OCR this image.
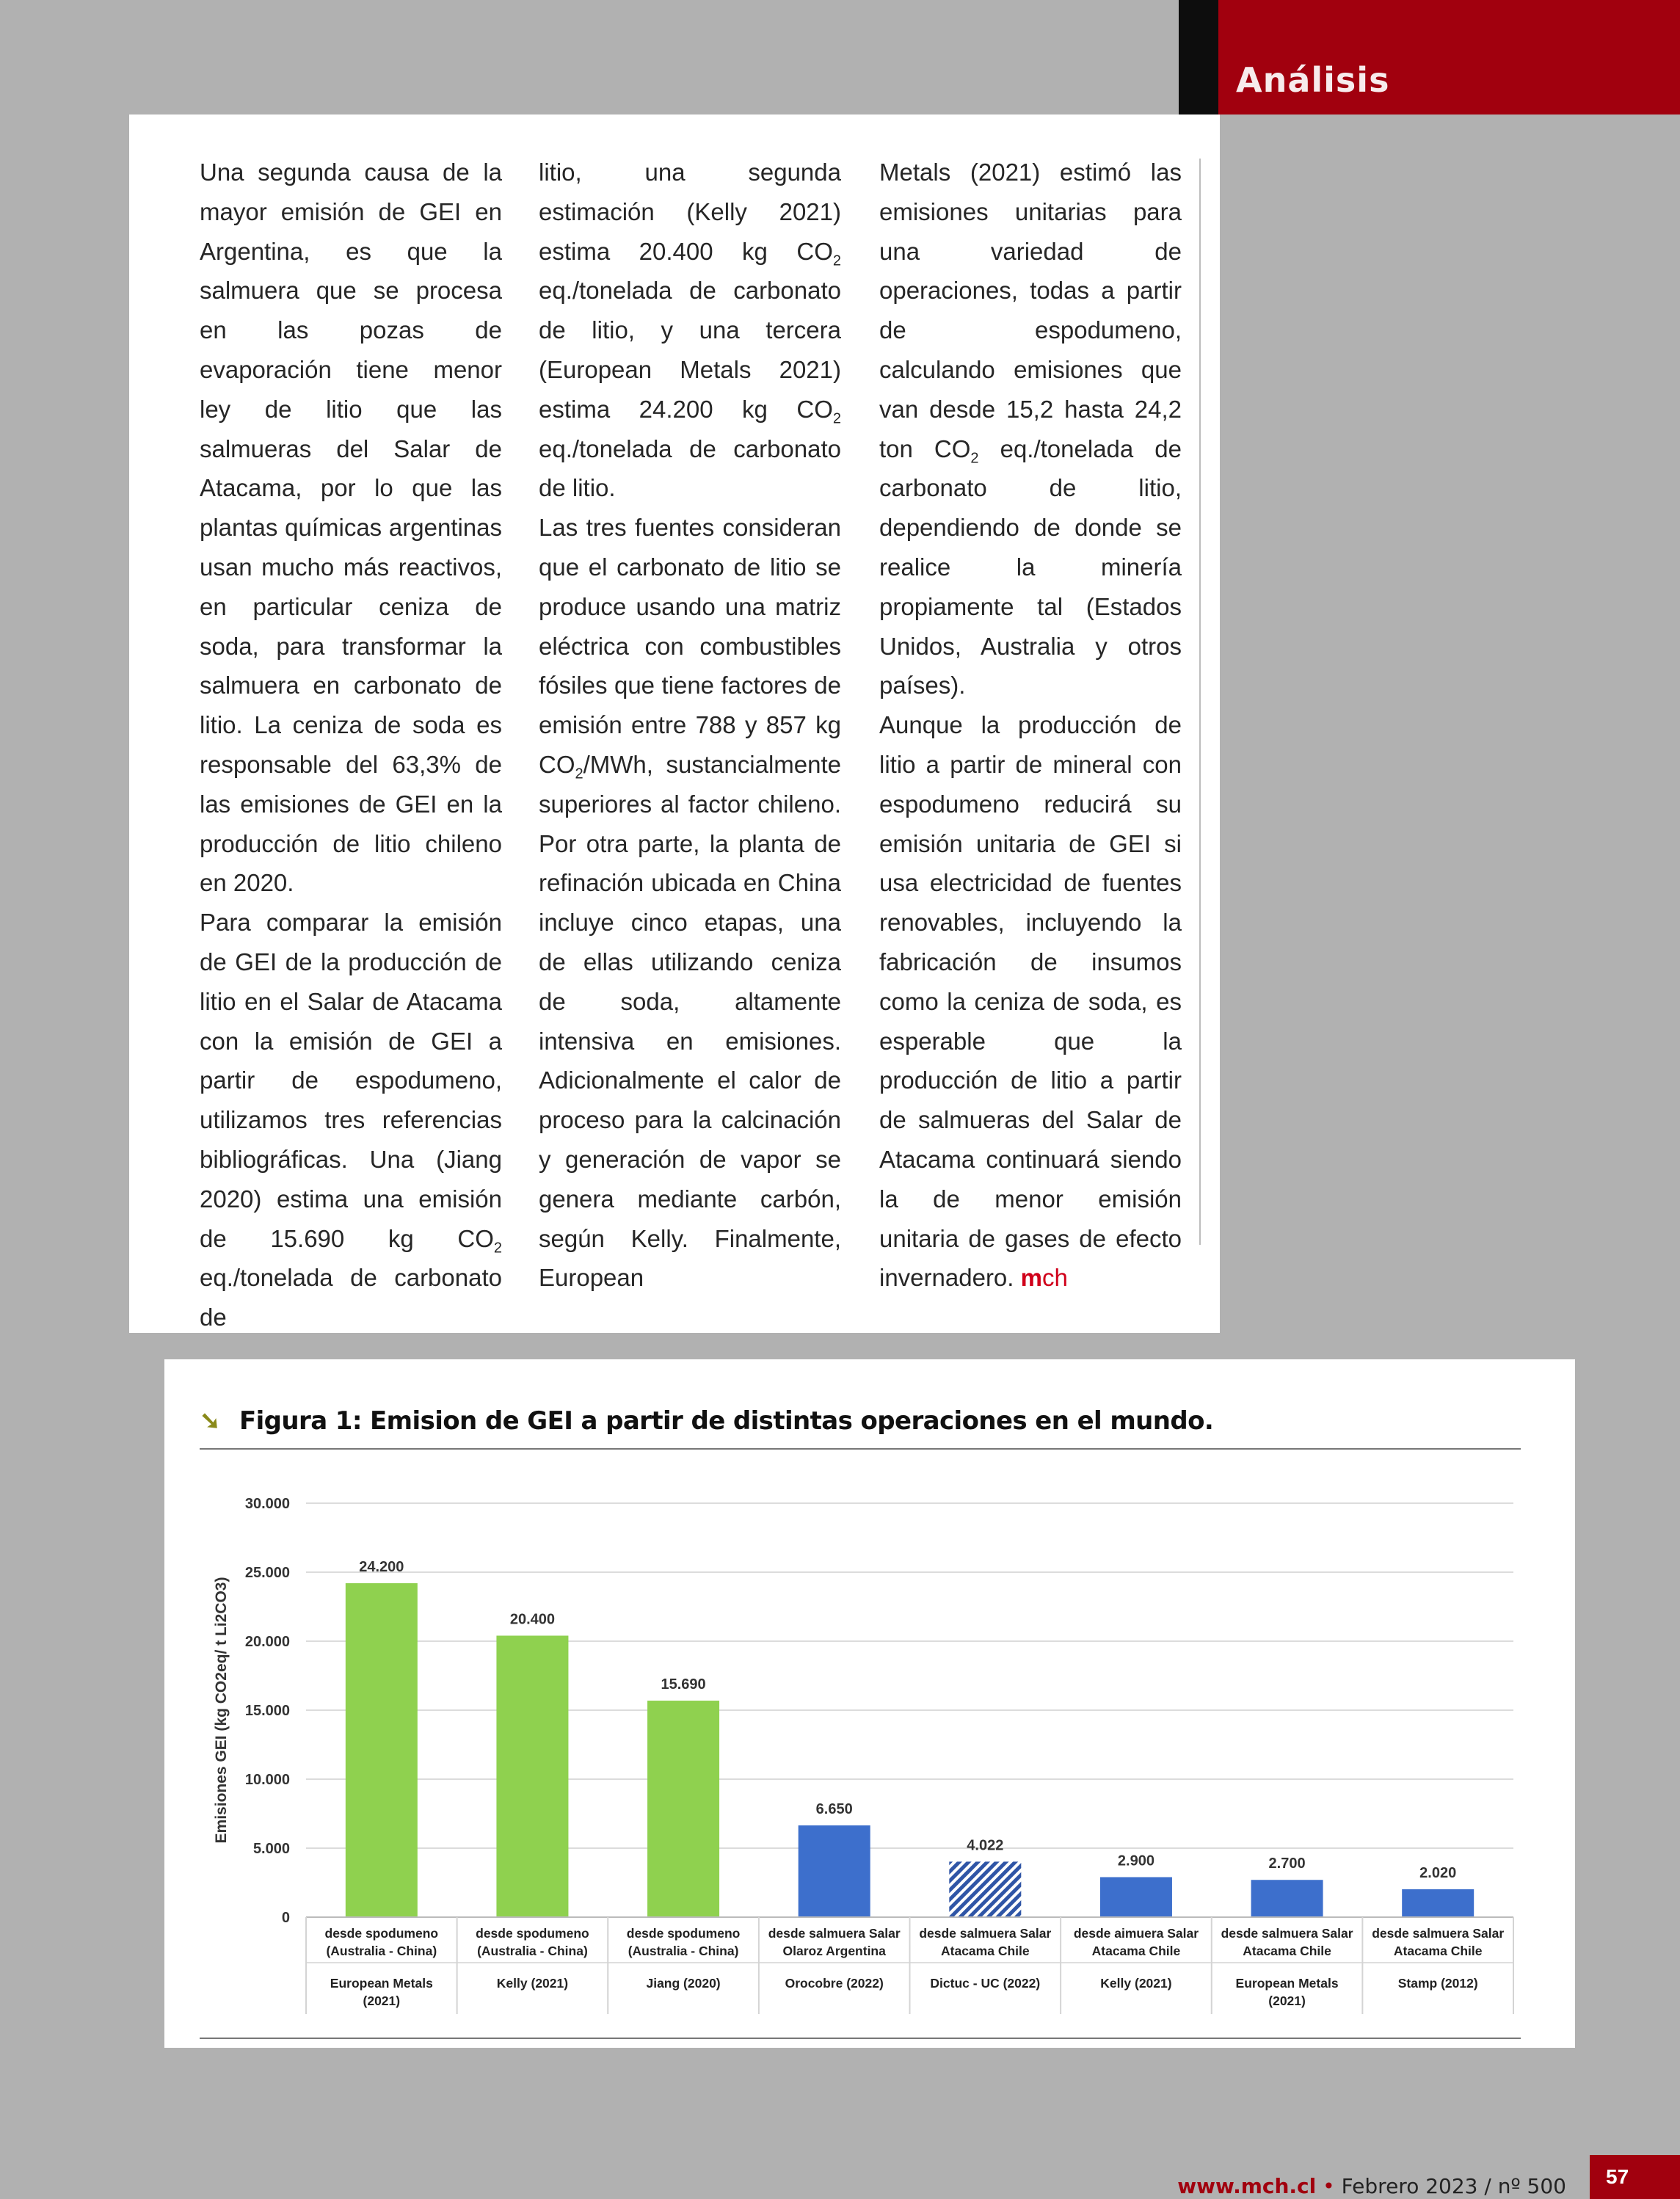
Análisis

Una segunda causa de la mayor emisión de GEI en Argentina, es que la salmuera que se procesa en las pozas de evaporación tiene menor ley de litio que las salmueras del Salar de Atacama, por lo que las plantas químicas argentinas usan mucho más reactivos, en particular ceniza de soda, para transformar la salmuera en carbonato de litio. La ceniza de soda es responsable del 63,3% de las emisiones de GEI en la producción de litio chileno en 2020.

Para comparar la emisión de GEI de la producción de litio en el Salar de Atacama con la emisión de GEI a partir de espodumeno, utilizamos tres referencias bibliográficas. Una (Jiang 2020) estima una emisión de 15.690 kg $CO_2$ eq./tonelada de carbonato de

litio, una segunda estimación (Kelly 2021) estima 20.400 kg $CO_2$ eq./tonelada de carbonato de litio, y una tercera (European Metals 2021) estima 24.200 kg $CO_2$ eq./tonelada de carbonato de litio.

Las tres fuentes consideran que el carbonato de litio se produce usando una matriz eléctrica con combustibles fósiles que tiene factores de emisión entre 788 y 857 kg $CO_2$/MWh, sustancialmente superiores al factor chileno. Por otra parte, la planta de refinación ubicada en China incluye cinco etapas, una de ellas utilizando ceniza de soda, altamente intensiva en emisiones. Adicionalmente el calor de proceso para la calcinación y generación de vapor se genera mediante carbón, según Kelly. Finalmente, European

Metals (2021) estimó las emisiones unitarias para una variedad de operaciones, todas a partir de espodumeno, calculando emisiones que van desde 15,2 hasta 24,2 ton $CO_2$ eq./tonelada de carbonato de litio, dependiendo de donde se realice la minería propiamente tal (Estados Unidos, Australia y otros países).

Aunque la producción de litio a partir de mineral con espodumeno reducirá su emisión unitaria de GEI si usa electricidad de fuentes renovables, incluyendo la fabricación de insumos como la ceniza de soda, es esperable que la producción de litio a partir de salmueras del Salar de Atacama continuará siendo la de menor emisión unitaria de gases de efecto invernadero. mch

➘ Figura 1: Emision de GEI a partir de distintas operaciones en el mundo.
0
5.000
10.000
15.000
20.000
25.000
30.000
Emisiones GEI (kg CO2eq/ t Li2CO3)
24.200
20.400
15.690
6.650
4.022
2.900	2.700
2.020
desde spodumeno
(Australia - China)
European Metals
(2021)
desde spodumeno
(Australia - China)
Kelly (2021)
desde spodumeno
(Australia - China)
Jiang (2020)
desde salmuera Salar
Olaroz Argentina
Orocobre (2022)
desde salmuera Salar
Atacama Chile
Dictuc - UC (2022)
desde aimuera Salar
Atacama Chile
Kelly (2021)
desde salmuera Salar
Atacama Chile
European Metals
(2021)
desde salmuera Salar
Atacama Chile
Stamp (2012)
www.mch.cl • Febrero 2023 / nº 500 57
